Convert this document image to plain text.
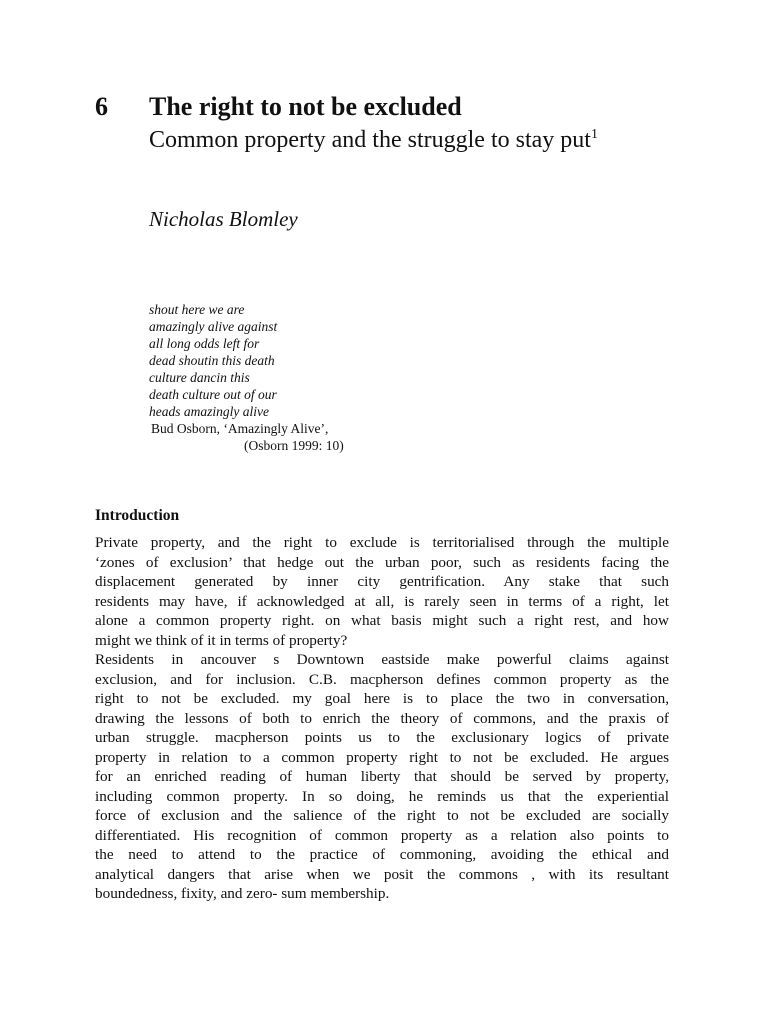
6 The right to not be excluded
Common property and the struggle to stay put$^1$
Nicholas Blomley
shout here we are
amazingly alive against
all long odds left for
dead shoutin this death
culture dancin this
death culture out of our
heads amazingly alive
Bud Osborn, ‘Amazingly Alive’,
(Osborn 1999: 10)
Introduction
Private property, and the right to exclude is territorialised through the multiple
‘zones of exclusion’ that hedge out the urban poor, such as residents facing the
displacement generated by inner city gentrification. Any stake that such
residents may have, if acknowledged at all, is rarely seen in terms of a right, let
alone a common property right. on what basis might such a right rest, and how
might we think of it in terms of property?
Residents in ancouver s Downtown eastside make powerful claims against
exclusion, and for inclusion. C.B. macpherson defines common property as the
right to not be excluded. my goal here is to place the two in conversation,
drawing the lessons of both to enrich the theory of commons, and the praxis of
urban struggle. macpherson points us to the exclusionary logics of private
property in relation to a common property right to not be excluded. He argues
for an enriched reading of human liberty that should be served by property,
including common property. In so doing, he reminds us that the experiential
force of exclusion and the salience of the right to not be excluded are socially
differentiated. His recognition of common property as a relation also points to
the need to attend to the practice of commoning, avoiding the ethical and
analytical dangers that arise when we posit the commons , with its resultant
boundedness, fixity, and zero- sum membership.
